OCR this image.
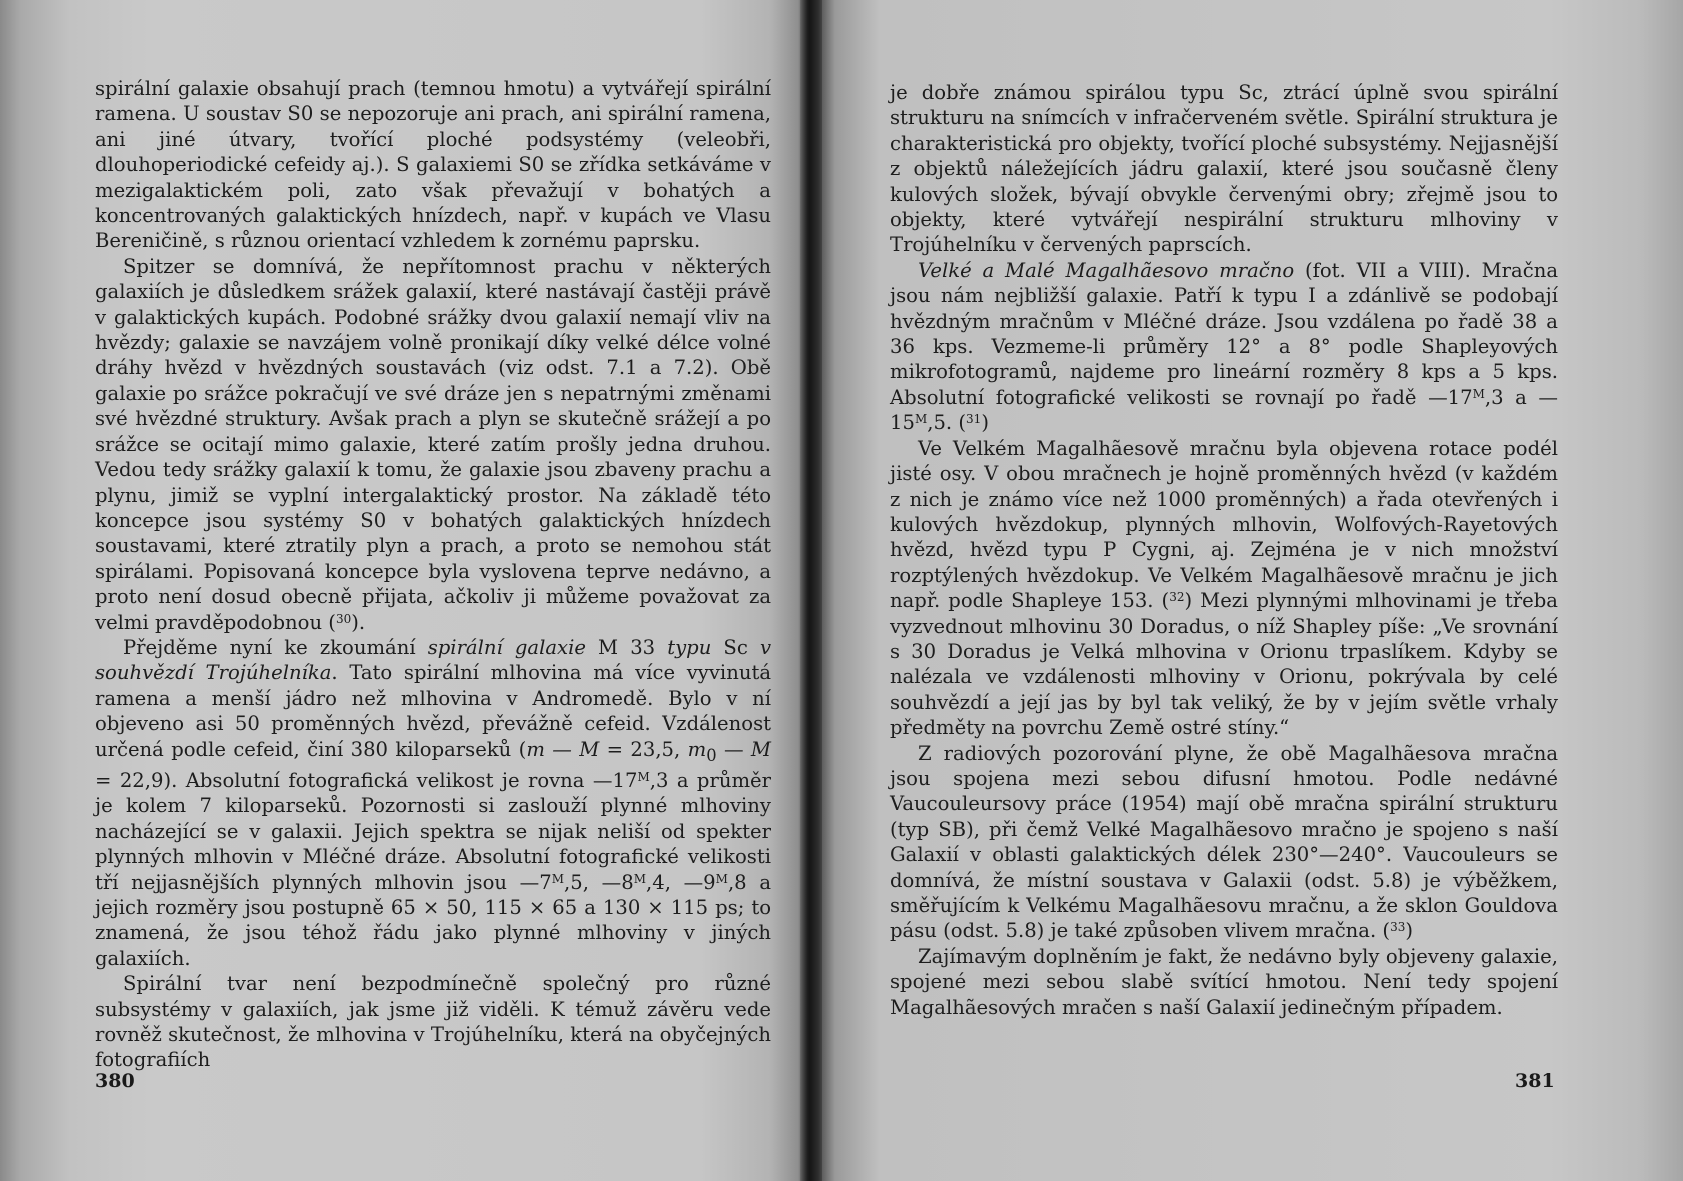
spirální galaxie obsahují prach (temnou hmotu) a vytvářejí spirální ramena. U soustav S0 se nepozoruje ani prach, ani spirální ramena, ani jiné útvary, tvořící ploché podsystémy (veleobři, dlouhoperiodické cefeidy aj.). S galaxiemi S0 se zřídka setkáváme v mezigalaktickém poli, zato však převažují v bohatých a koncentrovaných galaktických hnízdech, např. v kupách ve Vlasu Bereničině, s různou orientací vzhledem k zornému paprsku.

Spitzer se domnívá, že nepřítomnost prachu v některých galaxiích je důsledkem srážek galaxií, které nastávají častěji právě v galaktických kupách. Podobné srážky dvou galaxií nemají vliv na hvězdy; galaxie se navzájem volně pronikají díky velké délce volné dráhy hvězd v hvězdných soustavách (viz odst. 7.1 a 7.2). Obě galaxie po srážce pokračují ve své dráze jen s nepatrnými změnami své hvězdné struktury. Avšak prach a plyn se skutečně srážejí a po srážce se ocitají mimo galaxie, které zatím prošly jedna druhou. Vedou tedy srážky galaxií k tomu, že galaxie jsou zbaveny prachu a plynu, jimiž se vyplní intergalaktický prostor. Na základě této koncepce jsou systémy S0 v bohatých galaktických hnízdech soustavami, které ztratily plyn a prach, a proto se nemohou stát spirálami. Popisovaná koncepce byla vyslovena teprve nedávno, a proto není dosud obecně přijata, ačkoliv ji můžeme považovat za velmi pravděpodobnou ($^{30}$).

Přejděme nyní ke zkoumání spirální galaxie M 33 typu Sc v souhvězdí Trojúhelníka. Tato spirální mlhovina má více vyvinutá ramena a menší jádro než mlhovina v Andromedě. Bylo v ní objeveno asi 50 proměnných hvězd, převážně cefeid. Vzdálenost určená podle cefeid, činí 380 kiloparseků (m — M = 23,5, $m_0$ — M = 22,9). Absolutní fotografická velikost je rovna $—17^M,3$ a průměr je kolem 7 kiloparseků. Pozornosti si zaslouží plynné mlhoviny nacházející se v galaxii. Jejich spektra se nijak neliší od spekter plynných mlhovin v Mléčné dráze. Absolutní fotografické velikosti tří nejjasnějších plynných mlhovin jsou $—7^M,5$, $—8^M,4$, $—9^M,8$ a jejich rozměry jsou postupně 65 × 50, 115 × 65 a 130 × 115 ps; to znamená, že jsou téhož řádu jako plynné mlhoviny v jiných galaxiích.

Spirální tvar není bezpodmínečně společný pro různé subsystémy v galaxiích, jak jsme již viděli. K témuž závěru vede rovněž skutečnost, že mlhovina v Trojúhelníku, která na obyčejných fotografiích

je dobře známou spirálou typu Sc, ztrácí úplně svou spirální strukturu na snímcích v infračerveném světle. Spirální struktura je charakteristická pro objekty, tvořící ploché subsystémy. Nejjasnější z objektů náležejících jádru galaxií, které jsou současně členy kulových složek, bývají obvykle červenými obry; zřejmě jsou to objekty, které vytvářejí nespirální strukturu mlhoviny v Trojúhelníku v červených paprscích.

Velké a Malé Magalhãesovo mračno (fot. VII a VIII). Mračna jsou nám nejbližší galaxie. Patří k typu I a zdánlivě se podobají hvězdným mračnům v Mléčné dráze. Jsou vzdálena po řadě 38 a 36 kps. Vezmeme-li průměry 12° a 8° podle Shapleyových mikrofotogramů, najdeme pro lineární rozměry 8 kps a 5 kps. Absolutní fotografické velikosti se rovnají po řadě $—17^M,3$ a $—15^M,5$. ($^{31}$)

Ve Velkém Magalhãesově mračnu byla objevena rotace podél jisté osy. V obou mračnech je hojně proměnných hvězd (v každém z nich je známo více než 1000 proměnných) a řada otevřených i kulových hvězdokup, plynných mlhovin, Wolfových-Rayetových hvězd, hvězd typu P Cygni, aj. Zejména je v nich množství rozptýlených hvězdokup. Ve Velkém Magalhãesově mračnu je jich např. podle Shapleye 153. ($^{32}$) Mezi plynnými mlhovinami je třeba vyzvednout mlhovinu 30 Doradus, o níž Shapley píše: „Ve srovnání s 30 Doradus je Velká mlhovina v Orionu trpaslíkem. Kdyby se nalézala ve vzdálenosti mlhoviny v Orionu, pokrývala by celé souhvězdí a její jas by byl tak veliký, že by v jejím světle vrhaly předměty na povrchu Země ostré stíny.“

Z radiových pozorování plyne, že obě Magalhãesova mračna jsou spojena mezi sebou difusní hmotou. Podle nedávné Vaucouleursovy práce (1954) mají obě mračna spirální strukturu (typ SB), při čemž Velké Magalhãesovo mračno je spojeno s naší Galaxií v oblasti galaktických délek 230°—240°. Vaucouleurs se domnívá, že místní soustava v Galaxii (odst. 5.8) je výběžkem, směřujícím k Velkému Magalhãesovu mračnu, a že sklon Gouldova pásu (odst. 5.8) je také způsoben vlivem mračna. ($^{33}$)

Zajímavým doplněním je fakt, že nedávno byly objeveny galaxie, spojené mezi sebou slabě svítící hmotou. Není tedy spojení Magalhãesových mračen s naší Galaxií jedinečným případem.

380	381
